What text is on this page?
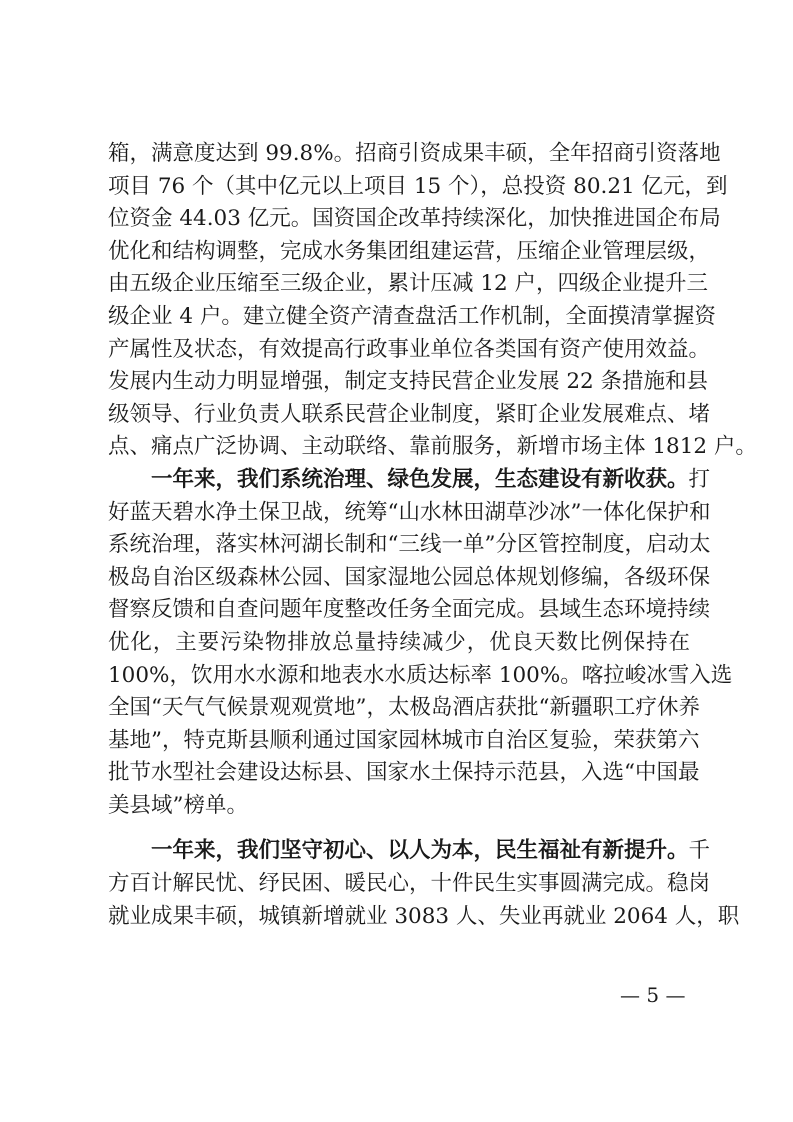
箱，满意度达到 99.8%。招商引资成果丰硕，全年招商引资落地
项目 76 个（其中亿元以上项目 15 个），总投资 80.21 亿元，到
位资金 44.03 亿元。国资国企改革持续深化，加快推进国企布局
优化和结构调整，完成水务集团组建运营，压缩企业管理层级，
由五级企业压缩至三级企业，累计压减 12 户，四级企业提升三
级企业 4 户。建立健全资产清查盘活工作机制，全面摸清掌握资
产属性及状态，有效提高行政事业单位各类国有资产使用效益。
发展内生动力明显增强，制定支持民营企业发展 22 条措施和县
级领导、行业负责人联系民营企业制度，紧盯企业发展难点、堵
点、痛点广泛协调、主动联络、靠前服务，新增市场主体 1812 户。
一年来，我们系统治理、绿色发展，生态建设有新收获。打
好蓝天碧水净土保卫战，统筹“山水林田湖草沙冰”一体化保护和
系统治理，落实林河湖长制和“三线一单”分区管控制度，启动太
极岛自治区级森林公园、国家湿地公园总体规划修编，各级环保
督察反馈和自查问题年度整改任务全面完成。县域生态环境持续
优化，主要污染物排放总量持续减少，优良天数比例保持在
100%，饮用水水源和地表水水质达标率 100%。喀拉峻冰雪入选
全国“天气气候景观观赏地”，太极岛酒店获批“新疆职工疗休养
基地”，特克斯县顺利通过国家园林城市自治区复验，荣获第六
批节水型社会建设达标县、国家水土保持示范县，入选“中国最
美县域”榜单。
一年来，我们坚守初心、以人为本，民生福祉有新提升。千
方百计解民忧、纾民困、暖民心，十件民生实事圆满完成。稳岗
就业成果丰硕，城镇新增就业 3083 人、失业再就业 2064 人，职
— 5 —
